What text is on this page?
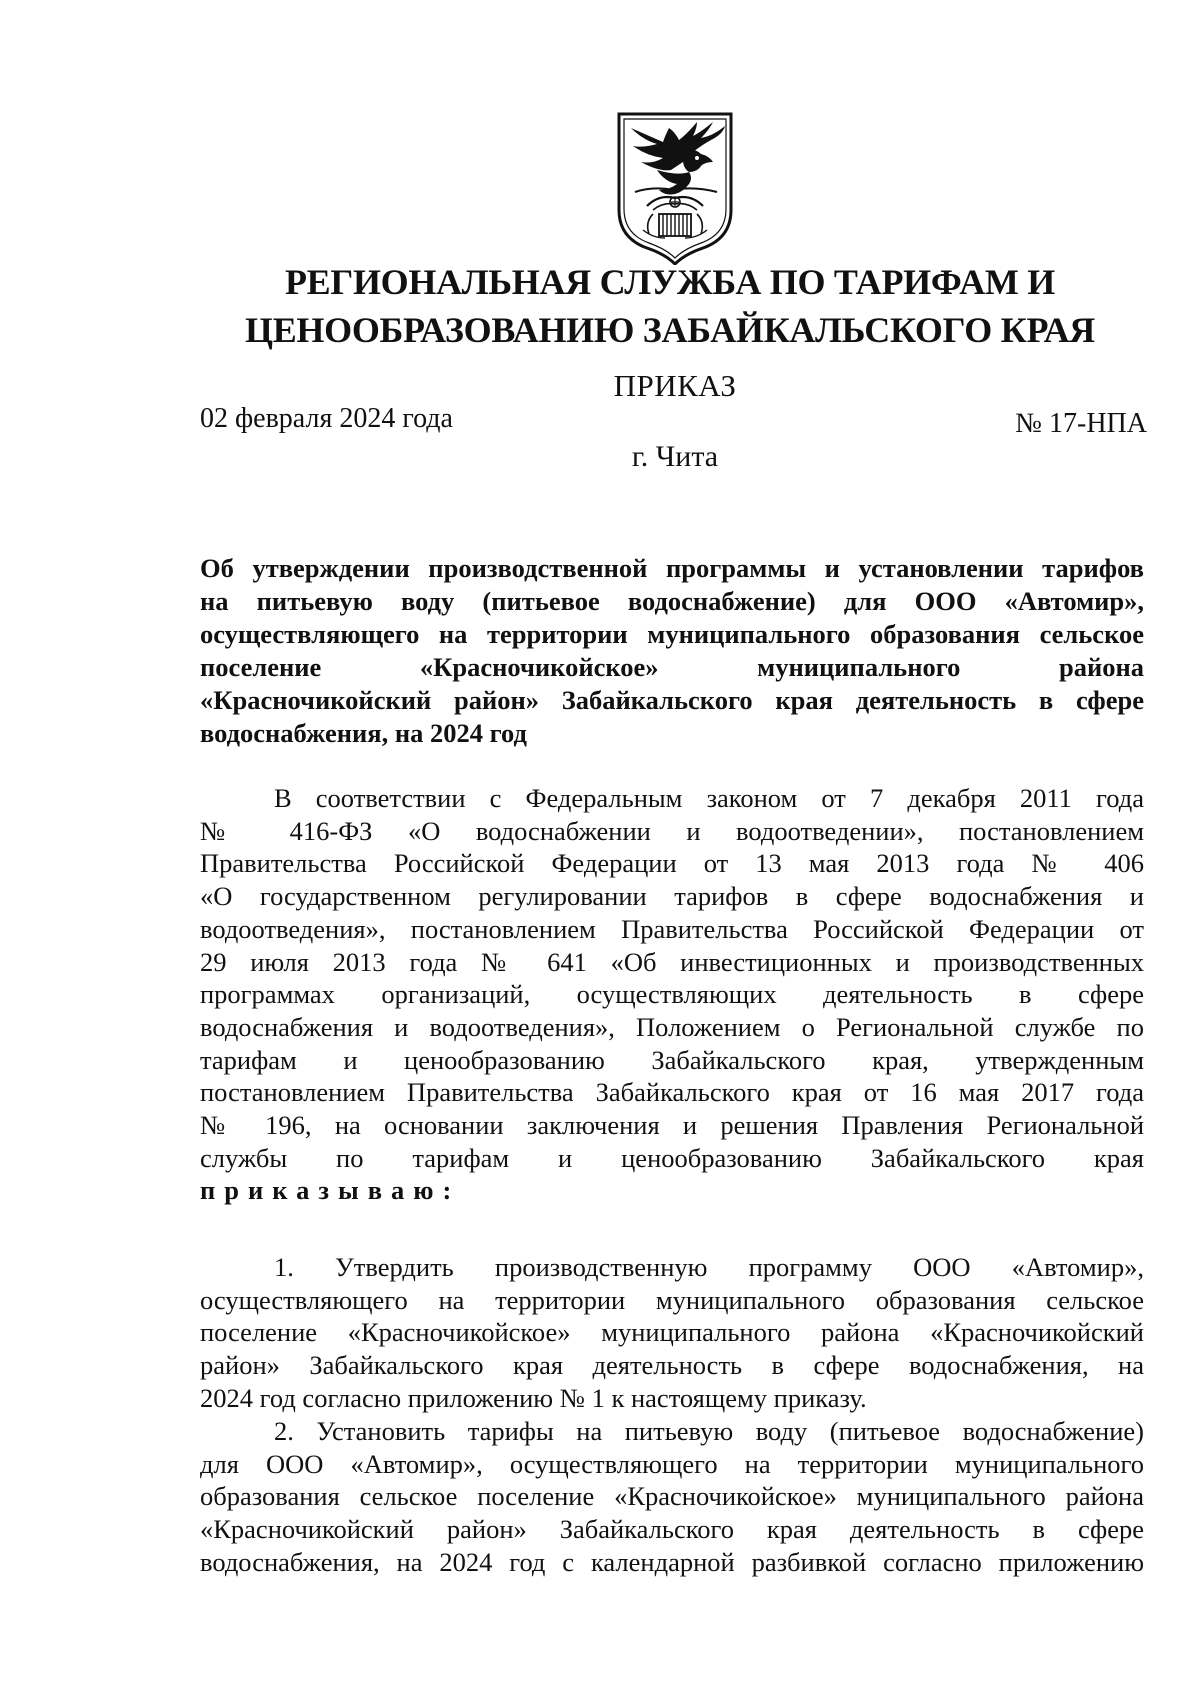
РЕГИОНАЛЬНАЯ СЛУЖБА ПО ТАРИФАМ И
ЦЕНООБРАЗОВАНИЮ ЗАБАЙКАЛЬСКОГО КРАЯ
ПРИКАЗ
02 февраля 2024 года	№ 17-НПА
г. Чита
Об утверждении производственной программы и установлении тарифов
на питьевую воду (питьевое водоснабжение) для ООО «Автомир»,
осуществляющего на территории муниципального образования сельское
поселение «Красночикойское» муниципального района
«Красночикойский район» Забайкальского края деятельность в сфере
водоснабжения, на 2024 год
В соответствии с Федеральным законом от 7 декабря 2011 года
№ 416-ФЗ «О водоснабжении и водоотведении», постановлением
Правительства Российской Федерации от 13 мая 2013 года № 406
«О государственном регулировании тарифов в сфере водоснабжения и
водоотведения», постановлением Правительства Российской Федерации от
29 июля 2013 года № 641 «Об инвестиционных и производственных
программах организаций, осуществляющих деятельность в сфере
водоснабжения и водоотведения», Положением о Региональной службе по
тарифам и ценообразованию Забайкальского края, утвержденным
постановлением Правительства Забайкальского края от 16 мая 2017 года
№ 196, на основании заключения и решения Правления Региональной
службы по тарифам и ценообразованию Забайкальского края
приказываю:
1. Утвердить производственную программу ООО «Автомир»,
осуществляющего на территории муниципального образования сельское
поселение «Красночикойское» муниципального района «Красночикойский
район» Забайкальского края деятельность в сфере водоснабжения, на
2024 год согласно приложению № 1 к настоящему приказу.
2. Установить тарифы на питьевую воду (питьевое водоснабжение)
для ООО «Автомир», осуществляющего на территории муниципального
образования сельское поселение «Красночикойское» муниципального района
«Красночикойский район» Забайкальского края деятельность в сфере
водоснабжения, на 2024 год с календарной разбивкой согласно приложению
